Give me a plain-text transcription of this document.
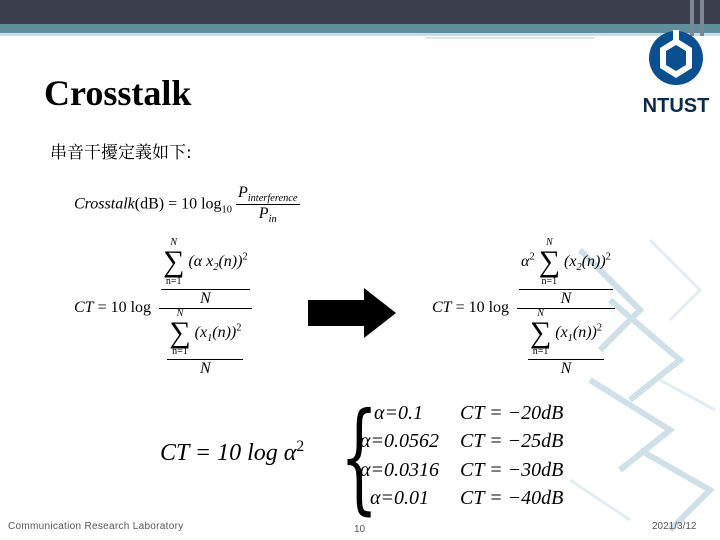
NTUST
Crosstalk
串音干擾定義如下:
Crosstalk(dB) = 10 $\log_{10} \frac{P_{interference}}{P_{in}}$
CT = 10 log N
∑
n=1
(α $x_2(n))^2$
N
N
∑
n=1
$(x_1(n))^2$
N	CT = 10 $\log \alpha^2$
N
∑
n=1
$(x_2(n))^2$
N
N
∑
n=1
$(x_1(n))^2$
N
CT = 10 $\log \alpha^2$ {
α=0.1 CT = −20dB
α=0.0562 CT = −25dB
α=0.0316 CT = −30dB
α=0.01 CT = −40dB
Communication Research Laboratory	10	2021/3/12
